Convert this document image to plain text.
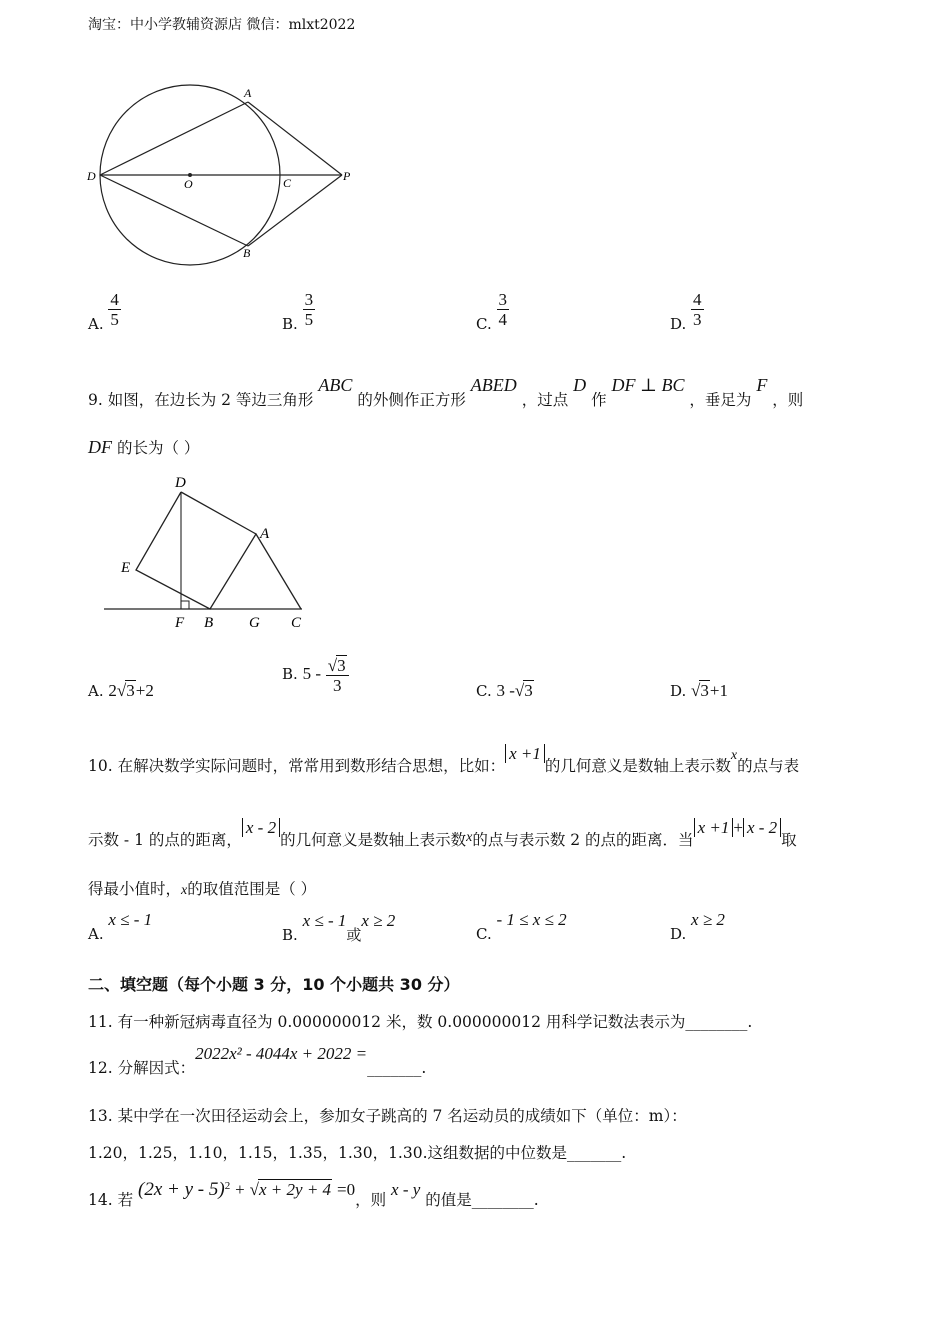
淘宝：中小学教辅资源店 微信：mlxt2022
A
D
O	C	P
B
A. $\frac{4}{5}$	B. $\frac{3}{5}$	C. $\frac{3}{4}$	D. $\frac{4}{3}$
9. 如图，在边长为 2 等边三角形 ABC 的外侧作正方形 ABED ，过点 D 作 DF ⊥ BC ，垂足为 F ，则
DF 的长为（ ）
D
A
E
F B G C
A. 2√3+2
B. $5 - \frac{√3}{3}$	C. 3 -√3	D. √3+1
10. 在解决数学实际问题时，常常用到数形结合思想，比如：x +1的几何意义是数轴上表示数x的点与表
示数 - 1 的点的距离，x - 2的几何意义是数轴上表示数x的点与表示数 2 的点的距离．当x +1 + x - 2取
得最小值时，x的取值范围是（ ）
A. x ≤ - 1
B. x ≤ - 1或x ≥ 2
C. - 1 ≤ x ≤ 2
D. x ≥ 2
二、填空题（每个小题 3 分，10 个小题共 30 分）
11. 有一种新冠病毒直径为 0.000000012 米，数 0.000000012 用科学记数法表示为________.
12. 分解因式：2022x² - 4044x + 2022 =_______.
13. 某中学在一次田径运动会上，参加女子跳高的 7 名运动员的成绩如下（单位：m）：
1.20，1.25，1.10，1.15，1.35，1.30，1.30.这组数据的中位数是_______.
14. 若 $(2x + y - 5)^2 + √x + 2y + 4 =0$，则 x - y 的值是________.
